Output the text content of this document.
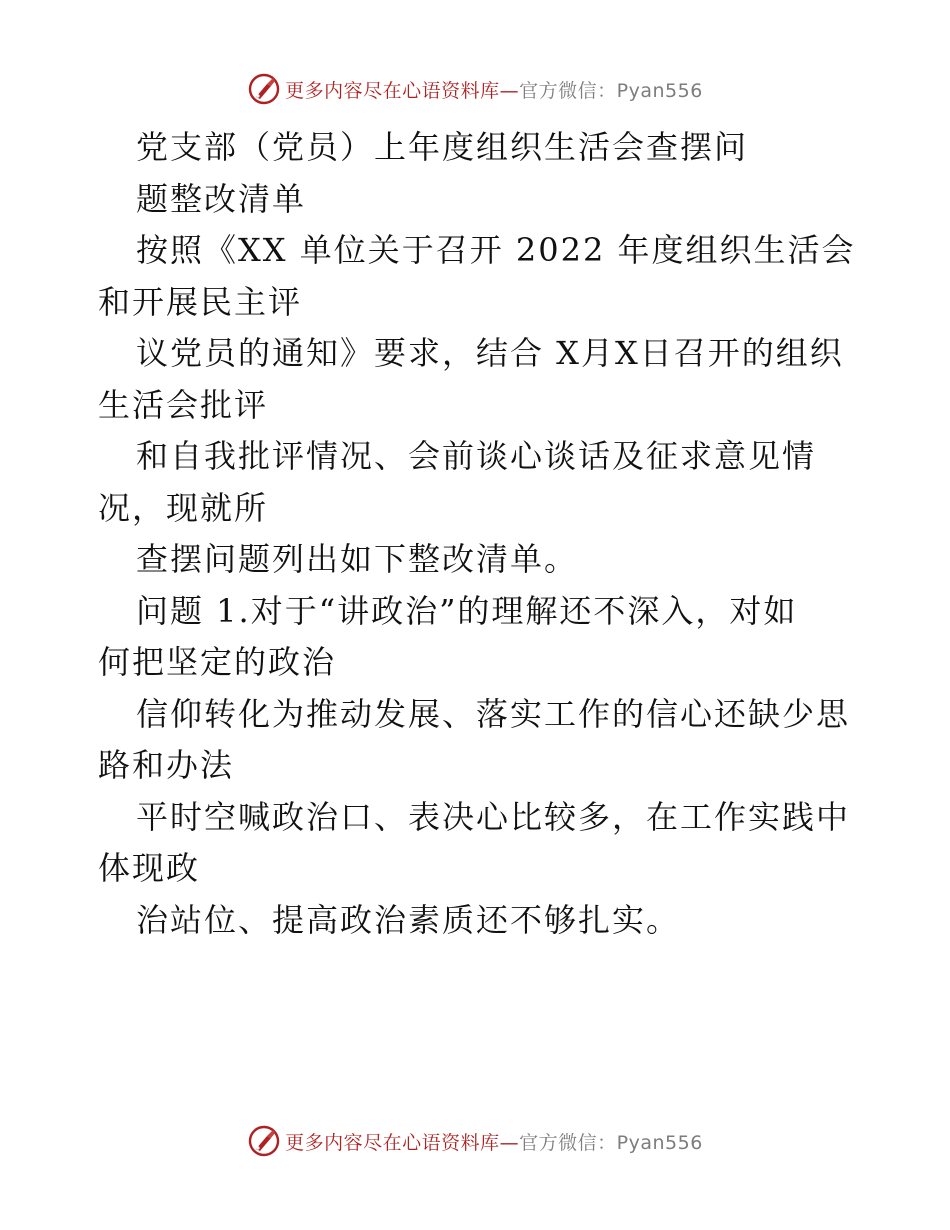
更多内容尽在心语资料库—官方微信：Pyan556
党支部（党员）上年度组织生活会查摆问
题整改清单
按照《XX 单位关于召开 2022 年度组织生活会
和开展民主评
议党员的通知》要求，结合 X月X日召开的组织
生活会批评
和自我批评情况、会前谈心谈话及征求意见情
况，现就所
查摆问题列出如下整改清单。
问题 1.对于“讲政治”的理解还不深入，对如
何把坚定的政治
信仰转化为推动发展、落实工作的信心还缺少思
路和办法
平时空喊政治口、表决心比较多，在工作实践中
体现政
治站位、提高政治素质还不够扎实。
更多内容尽在心语资料库—官方微信：Pyan556
